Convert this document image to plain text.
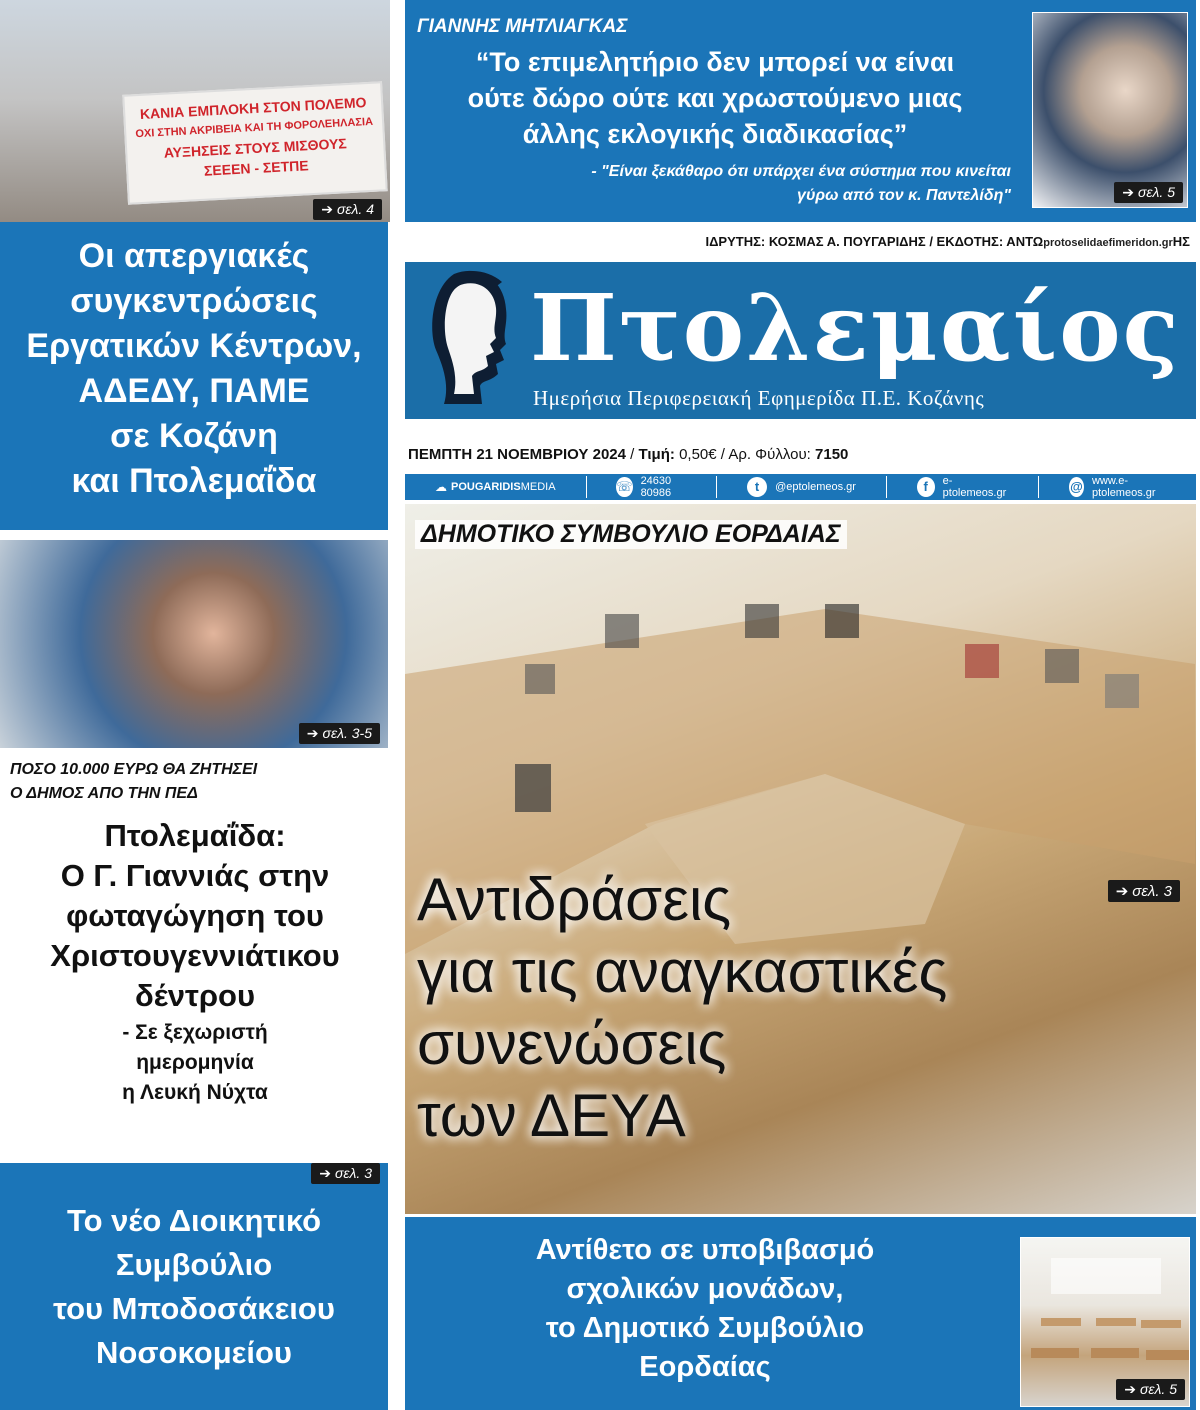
ΚΑΝΙΑ ΕΜΠΛΟΚΗ ΣΤΟΝ ΠΟΛΕΜΟ
ΟΧΙ ΣΤΗΝ ΑΚΡΙΒΕΙΑ ΚΑΙ ΤΗ ΦΟΡΟΛΕΗΛΑΣΙΑ
ΑΥΞΗΣΕΙΣ ΣΤΟΥΣ ΜΙΣΘΟΥΣ
ΣΕΕΕΝ - ΣΕΤΠΕ
➔ σελ. 4
Οι απεργιακές
συγκεντρώσεις
Εργατικών Κέντρων,
ΑΔΕΔΥ, ΠΑΜΕ
σε Κοζάνη
και Πτολεμαΐδα
ΓΙΑΝΝΗΣ ΜΗΤΛΙΑΓΚΑΣ
“Το επιμελητήριο δεν μπορεί να είναι
ούτε δώρο ούτε και χρωστούμενο μιας
άλλης εκλογικής διαδικασίας”
- "Είναι ξεκάθαρο ότι υπάρχει ένα σύστημα που κινείται
γύρω από τον κ. Παντελίδη"	➔ σελ. 5
ΙΔΡΥΤΗΣ: ΚΟΣΜΑΣ Α. ΠΟΥΓΑΡΙΔΗΣ / ΕΚΔΟΤΗΣ: ΑΝΤΩprotoselidaefimeridon.grΗΣ
Πτολεμαίος
Ημερήσια Περιφερειακή Εφημερίδα Π.Ε. Κοζάνης
ΠΕΜΠΤΗ 21 ΝΟΕΜΒΡΙΟΥ 2024 / Τιμή: 0,50€ / Αρ. Φύλλου: 7150
☁ POUGARIDIS MEDIA	☏ 24630 80986	t	@eptolemeos.gr	f	e-ptolemeos.gr	@ www.e-ptolemeos.gr
➔ σελ. 3-5
ΠΟΣΟ 10.000 ΕΥΡΩ ΘΑ ΖΗΤΗΣΕΙ
Ο ΔΗΜΟΣ ΑΠΟ ΤΗΝ ΠΕΔ
Πτολεμαΐδα:
Ο Γ. Γιαννιάς στην
φωταγώγηση του
Χριστουγεννιάτικου
δέντρου
- Σε ξεχωριστή
ημερομηνία
η Λευκή Νύχτα
➔ σελ. 3
Το νέο Διοικητικό
Συμβούλιο
του Μποδοσάκειου
Νοσοκομείου
ΔΗΜΟΤΙΚΟ ΣΥΜΒΟΥΛΙΟ ΕΟΡΔΑΙΑΣ
➔ σελ. 3
Αντιδράσεις
για τις αναγκαστικές
συνενώσεις
των ΔΕΥΑ
Αντίθετο σε υποβιβασμό
σχολικών μονάδων,
το Δημοτικό Συμβούλιο
Εορδαίας
➔ σελ. 5
